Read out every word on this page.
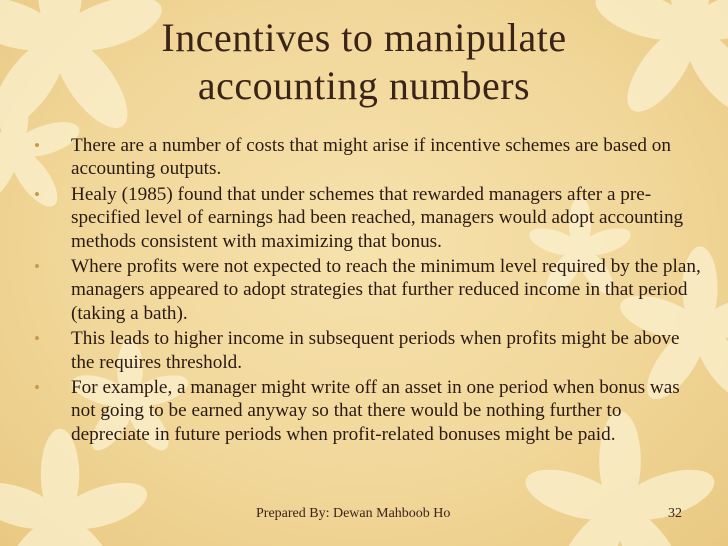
Incentives to manipulate
accounting numbers
•	There are a number of costs that might arise if incentive schemes are based on accounting outputs.
•	Healy (1985) found that under schemes that rewarded managers after a pre-specified level of earnings had been reached, managers would adopt accounting methods consistent with maximizing that bonus.
•	Where profits were not expected to reach the minimum level required by the plan, managers appeared to adopt strategies that further reduced income in that period (taking a bath).
•	This leads to higher income in subsequent periods when profits might be above the requires threshold.
•	For example, a manager might write off an asset in one period when bonus was not going to be earned anyway so that there would be nothing further to depreciate in future periods when profit-related bonuses might be paid.
Prepared By: Dewan Mahboob Ho	32
